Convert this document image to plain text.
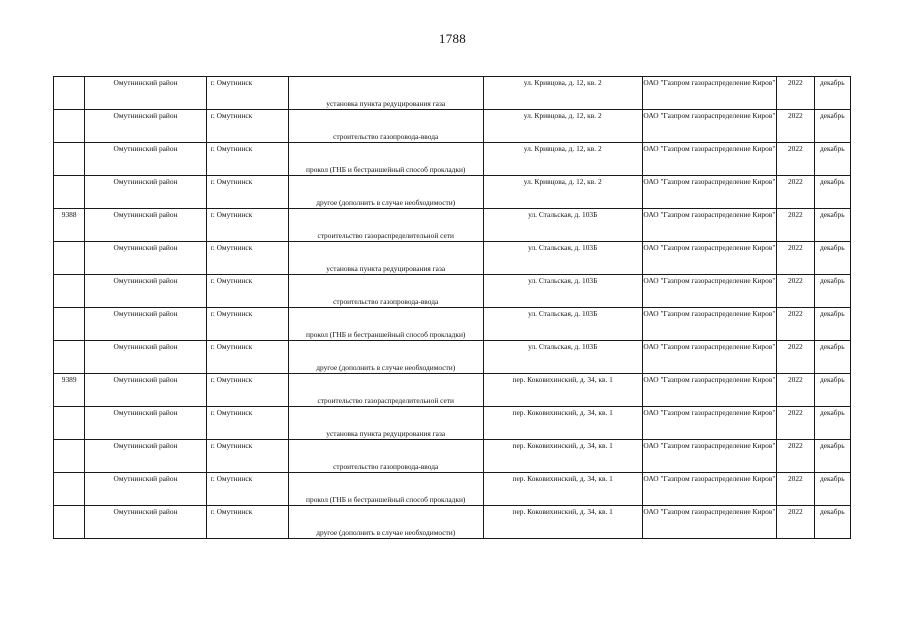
1788

	Омутнинский район	г. Омутнинск	установка пункта редуцирования газа	ул. Кривцова, д. 12, кв. 2	ОАО "Газпром газораспределение Киров"	2022	декабрь

	Омутнинский район	г. Омутнинск	строительство газопровода-ввода	ул. Кривцова, д. 12, кв. 2	ОАО "Газпром газораспределение Киров"	2022	декабрь

	Омутнинский район	г. Омутнинск	прокол (ГНБ и бестраншейный способ прокладки)	ул. Кривцова, д. 12, кв. 2	ОАО "Газпром газораспределение Киров"	2022	декабрь

	Омутнинский район	г. Омутнинск	другое (дополнить в случае необходимости)	ул. Кривцова, д. 12, кв. 2	ОАО "Газпром газораспределение Киров"	2022	декабрь

9388	Омутнинский район	г. Омутнинск	строительство газораспределительной сети	ул. Стальская, д. 103Б	ОАО "Газпром газораспределение Киров"	2022	декабрь

	Омутнинский район	г. Омутнинск	установка пункта редуцирования газа	ул. Стальская, д. 103Б	ОАО "Газпром газораспределение Киров"	2022	декабрь

	Омутнинский район	г. Омутнинск	строительство газопровода-ввода	ул. Стальская, д. 103Б	ОАО "Газпром газораспределение Киров"	2022	декабрь

	Омутнинский район	г. Омутнинск	прокол (ГНБ и бестраншейный способ прокладки)	ул. Стальская, д. 103Б	ОАО "Газпром газораспределение Киров"	2022	декабрь

	Омутнинский район	г. Омутнинск	другое (дополнить в случае необходимости)	ул. Стальская, д. 103Б	ОАО "Газпром газораспределение Киров"	2022	декабрь

9389	Омутнинский район	г. Омутнинск	строительство газораспределительной сети	пер. Коковихинский, д. 34, кв. 1	ОАО "Газпром газораспределение Киров"	2022	декабрь

	Омутнинский район	г. Омутнинск	установка пункта редуцирования газа	пер. Коковихинский, д. 34, кв. 1	ОАО "Газпром газораспределение Киров"	2022	декабрь

	Омутнинский район	г. Омутнинск	строительство газопровода-ввода	пер. Коковихинский, д. 34, кв. 1	ОАО "Газпром газораспределение Киров"	2022	декабрь

	Омутнинский район	г. Омутнинск	прокол (ГНБ и бестраншейный способ прокладки)	пер. Коковихинский, д. 34, кв. 1	ОАО "Газпром газораспределение Киров"	2022	декабрь

	Омутнинский район	г. Омутнинск	другое (дополнить в случае необходимости)	пер. Коковихинский, д. 34, кв. 1	ОАО "Газпром газораспределение Киров"	2022	декабрь
